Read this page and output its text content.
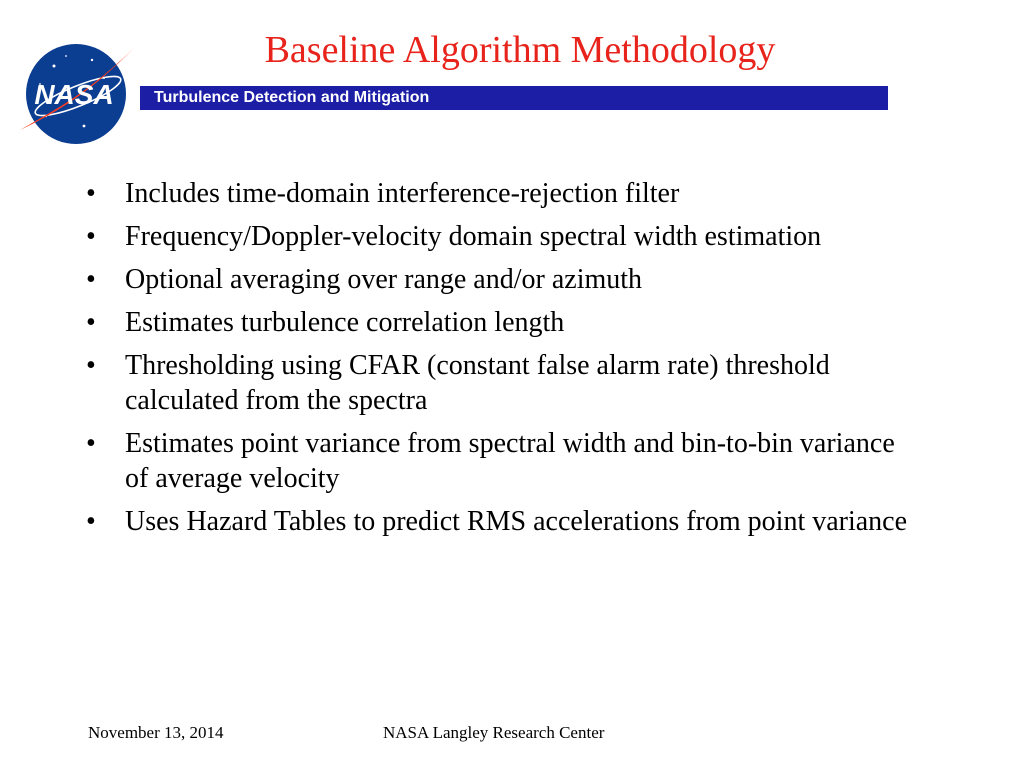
NASA
Baseline Algorithm Methodology
Turbulence Detection and Mitigation
• Includes time-domain interference-rejection filter
• Frequency/Doppler-velocity domain spectral width estimation
• Optional averaging over range and/or azimuth
• Estimates turbulence correlation length
• Thresholding using CFAR (constant false alarm rate) threshold calculated from the spectra
• Estimates point variance from spectral width and bin-to-bin variance of average velocity
• Uses Hazard Tables to predict RMS accelerations from point variance
November 13, 2014	NASA Langley Research Center
